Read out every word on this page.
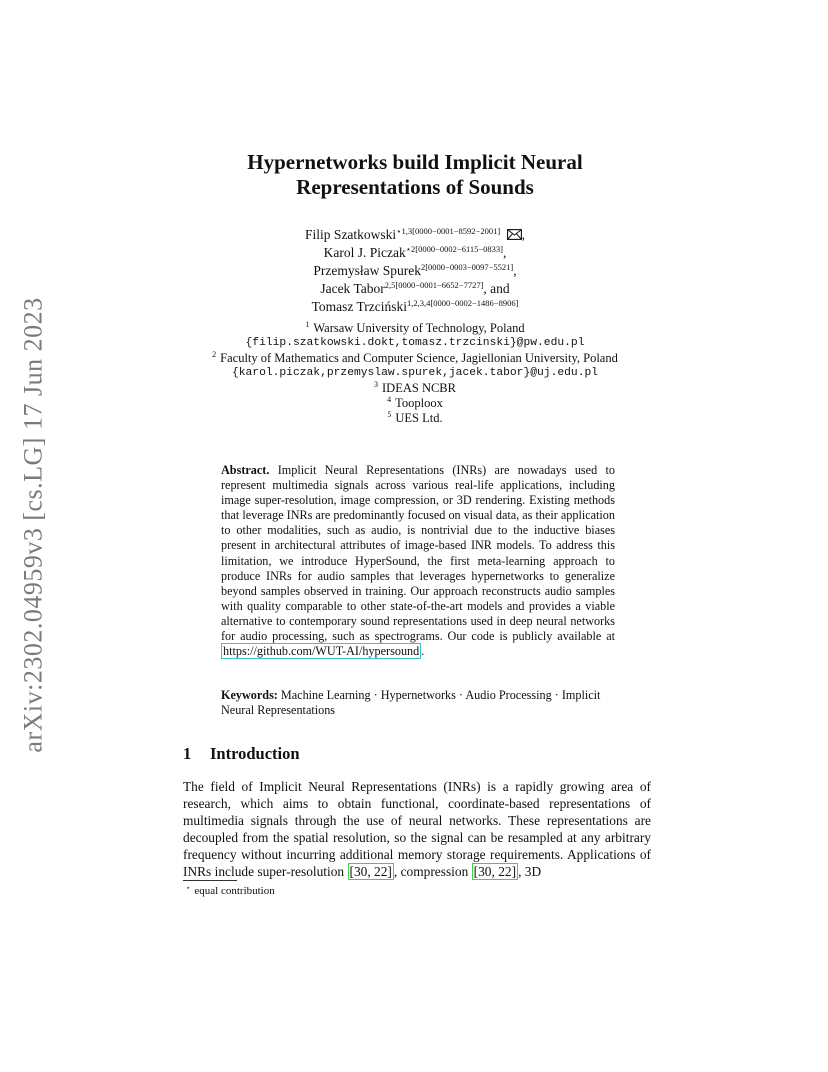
arXiv:2302.04959v3 [cs.LG] 17 Jun 2023
Hypernetworks build Implicit Neural
Representations of Sounds
Filip Szatkowski$^{⋆1,3[0000-0001-8592-2001]}$ ,
Karol J. Piczak$^{⋆2[0000-0002-6115-0833]}$,
Przemysław Spurek$^{2[0000-0003-0097-5521]}$,
Jacek Tabor$^{2,5[0000-0001-6652-7727]}$, and
Tomasz Trzciński$^{1,2,3,4[0000-0002-1486-8906]}$
$^1$ Warsaw University of Technology, Poland
{filip.szatkowski.dokt,tomasz.trzcinski}@pw.edu.pl
$^2$ Faculty of Mathematics and Computer Science, Jagiellonian University, Poland
{karol.piczak,przemyslaw.spurek,jacek.tabor}@uj.edu.pl
$^3$ IDEAS NCBR
$^4$ Tooploox
$^5$ UES Ltd.
Abstract. Implicit Neural Representations (INRs) are nowadays used to represent multimedia signals across various real-life applications, including image super-resolution, image compression, or 3D rendering. Existing methods that leverage INRs are predominantly focused on visual data, as their application to other modalities, such as audio, is nontrivial due to the inductive biases present in architectural attributes of image-based INR models. To address this limitation, we introduce HyperSound, the first meta-learning approach to produce INRs for audio samples that leverages hypernetworks to generalize beyond samples observed in training. Our approach reconstructs audio samples with quality comparable to other state-of-the-art models and provides a viable alternative to contemporary sound representations used in deep neural networks for audio processing, such as spectrograms. Our code is publicly available at https://github.com/WUT-AI/hypersound .
Keywords: Machine Learning · Hypernetworks · Audio Processing · Implicit Neural Representations
1 Introduction
The field of Implicit Neural Representations (INRs) is a rapidly growing area of research, which aims to obtain functional, coordinate-based representations of multimedia signals through the use of neural networks. These representations are decoupled from the spatial resolution, so the signal can be resampled at any arbitrary frequency without incurring additional memory storage requirements. Applications of INRs include super-resolution [30, 22] , compression [30, 22] , 3D
⋆ equal contribution
